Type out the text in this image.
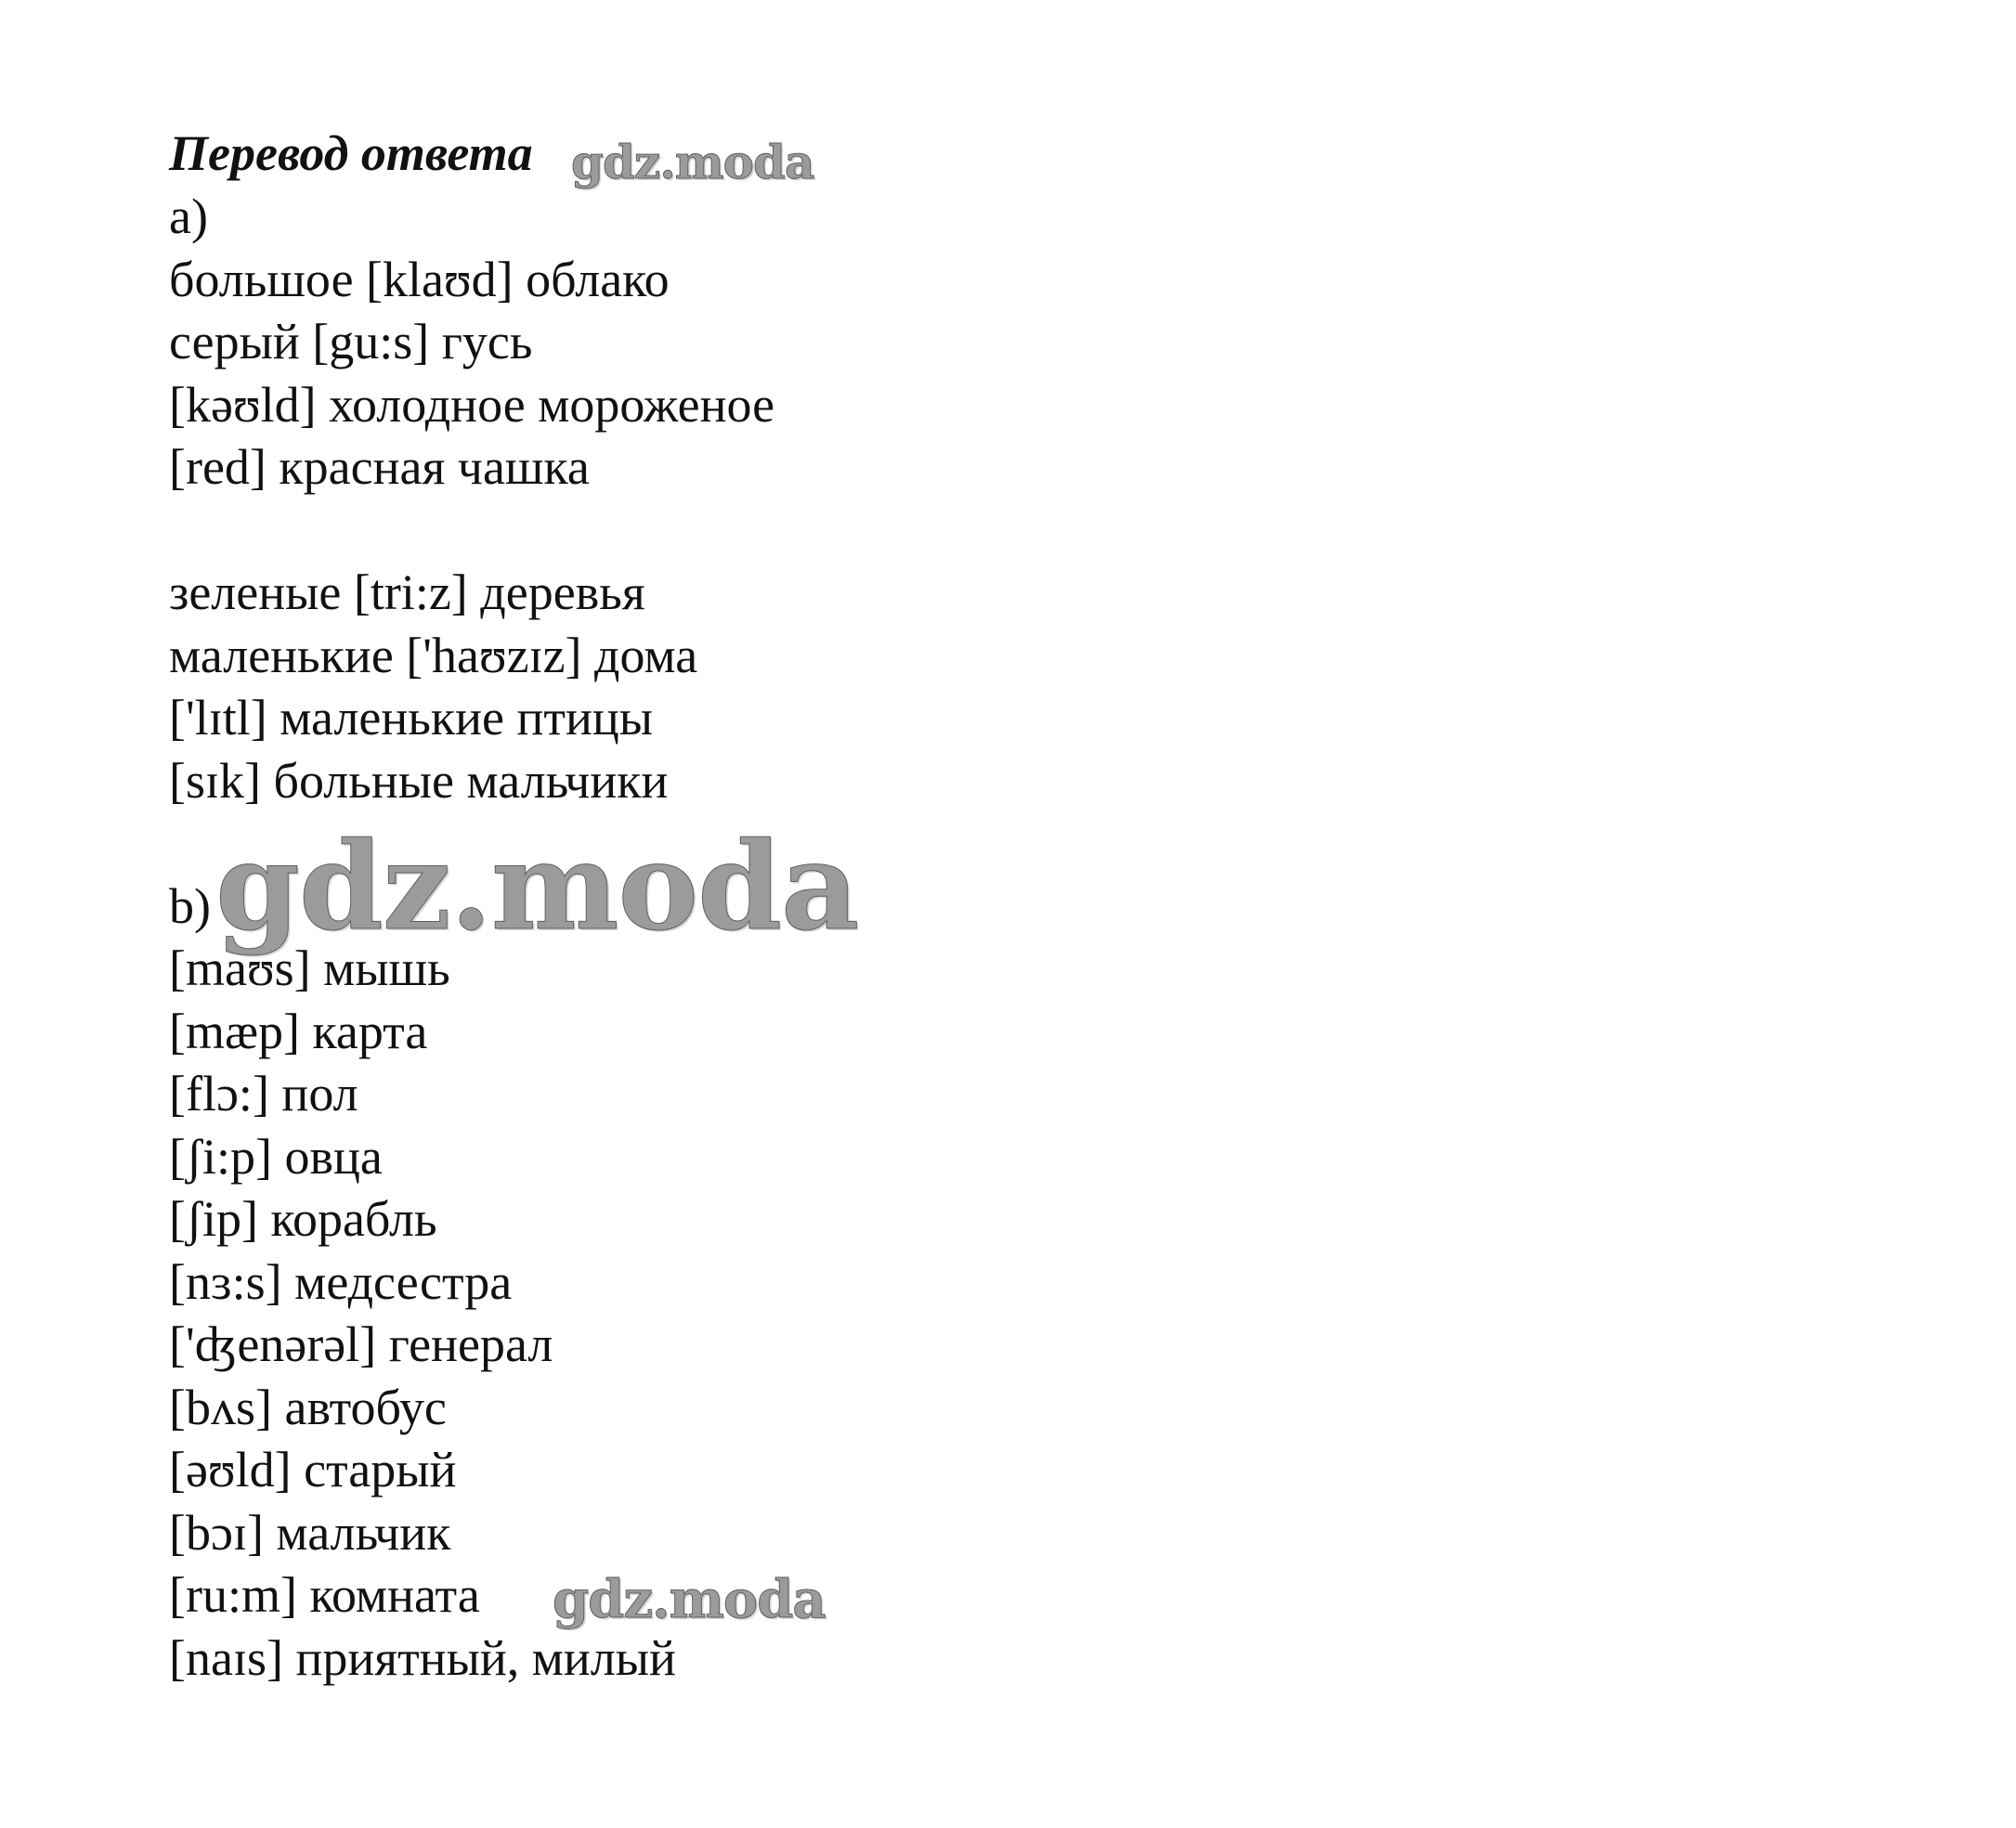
Перевод ответа gdz.moda
a)
большое [klaʊd] облако
серый [gu:s] гусь
[kəʊld] холодное мороженое
[red] красная чашка
зеленые [tri:z] деревья
маленькие ['haʊzɪz] дома
['lɪtl] маленькие птицы
[sɪk] больные мальчики
b)
[maʊs] мышь
[mæp] карта
[flɔ:] пол
[ʃi:p] овца
[ʃip] корабль
[nɜ:s] медсестра
['ʤenərəl] генерал
[bʌs] автобус
[əʊld] старый
[bɔɪ] мальчик
[ru:m] комната
[naɪs] приятный, милый
gdz.moda
gdz.moda
